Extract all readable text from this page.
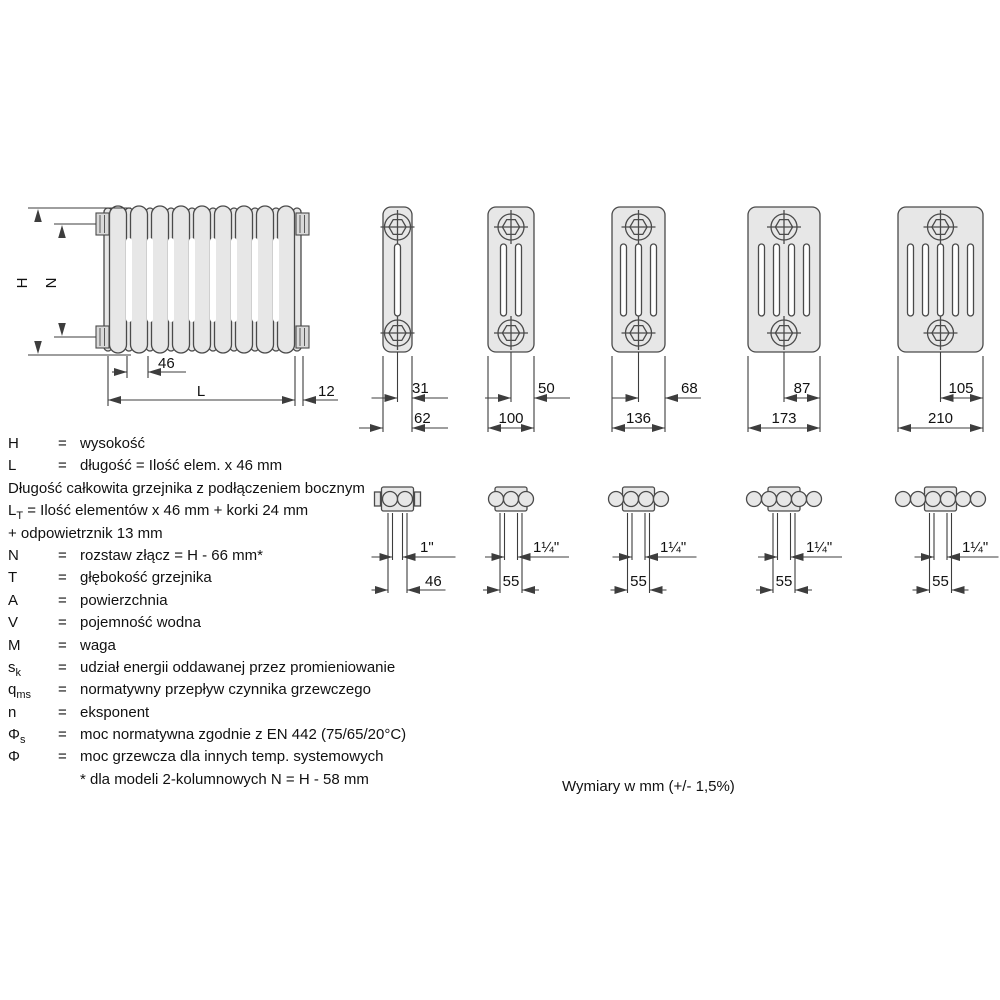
H N
46
L	12	31
62
1"
46
50
100
1¼"
55
68
136
1¼"
55
87
173
1¼"
55
105
210
1¼"
55
H	= wysokość
L	= długość = Ilość elem. x 46 mm
Długość całkowita grzejnika z podłączeniem bocznym
$L_T$ = Ilość elementów x 46 mm + korki 24 mm
+ odpowietrznik 13 mm
N	= rozstaw złącz = H - 66 mm*
T	= głębokość grzejnika
A	= powierzchnia
V	= pojemność wodna
M	= waga
$s_k$ = udział energii oddawanej przez promieniowanie
$q_{ms}$ = normatywny przepływ czynnika grzewczego
n	= eksponent
$\Phi_s$ = moc normatywna zgodnie z EN 442 (75/65/20°C)
Φ	= moc grzewcza dla innych temp. systemowych
* dla modeli 2-kolumnowych N = H - 58 mm	Wymiary w mm (+/- 1,5%)
